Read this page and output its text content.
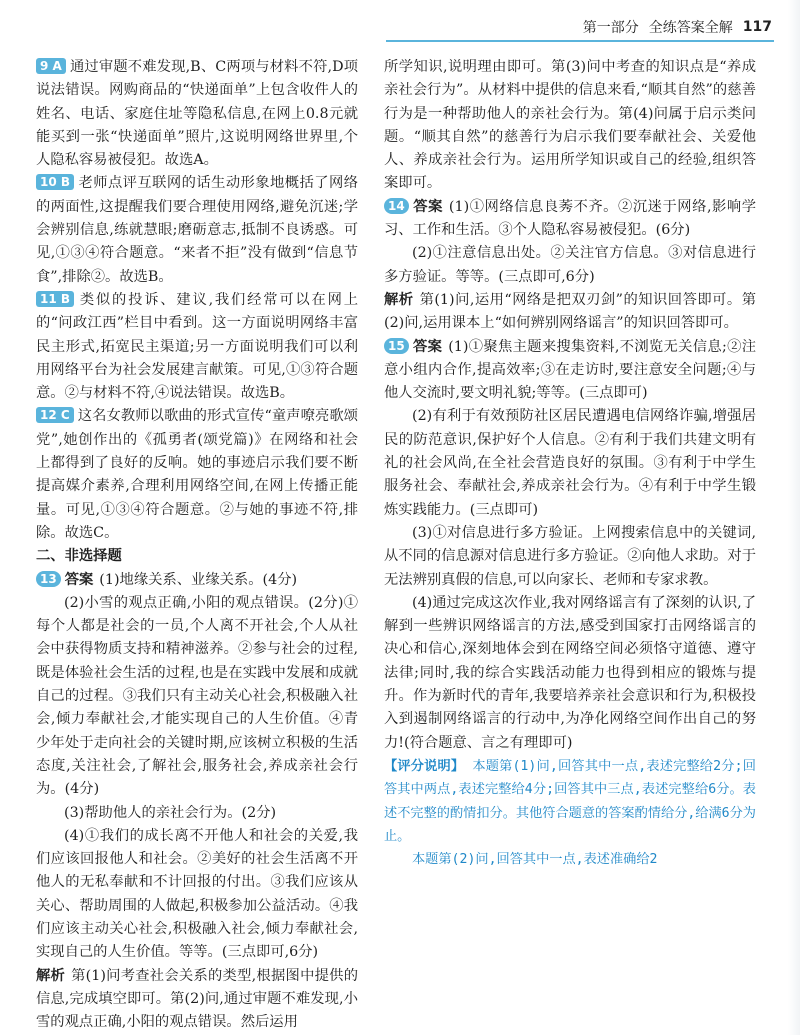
第一部分 全练答案全解 117

9 A 通过审题不难发现,B、C两项与材料不符,D项说法错误。网购商品的“快递面单”上包含收件人的姓名、电话、家庭住址等隐私信息,在网上0.8元就能买到一张“快递面单”照片,这说明网络世界里,个人隐私容易被侵犯。故选A。

10 B 老师点评互联网的话生动形象地概括了网络的两面性,这提醒我们要合理使用网络,避免沉迷;学会辨别信息,练就慧眼;磨砺意志,抵制不良诱惑。可见,①③④符合题意。“来者不拒”没有做到“信息节食”,排除②。故选B。

11 B 类似的投诉、建议,我们经常可以在网上的“问政江西”栏目中看到。这一方面说明网络丰富民主形式,拓宽民主渠道;另一方面说明我们可以利用网络平台为社会发展建言献策。可见,①③符合题意。②与材料不符,④说法错误。故选B。

12 C 这名女教师以歌曲的形式宣传“童声嘹亮歌颂党”,她创作出的《孤勇者(颂党篇)》在网络和社会上都得到了良好的反响。她的事迹启示我们要不断提高媒介素养,合理利用网络空间,在网上传播正能量。可见,①③④符合题意。②与她的事迹不符,排除。故选C。

二、非选择题

13 答案 (1)地缘关系、业缘关系。(4分)

(2)小雪的观点正确,小阳的观点错误。(2分)①每个人都是社会的一员,个人离不开社会,个人从社会中获得物质支持和精神滋养。②参与社会的过程,既是体验社会生活的过程,也是在实践中发展和成就自己的过程。③我们只有主动关心社会,积极融入社会,倾力奉献社会,才能实现自己的人生价值。④青少年处于走向社会的关键时期,应该树立积极的生活态度,关注社会,了解社会,服务社会,养成亲社会行为。(4分)

(3)帮助他人的亲社会行为。(2分)

(4)①我们的成长离不开他人和社会的关爱,我们应该回报他人和社会。②美好的社会生活离不开他人的无私奉献和不计回报的付出。③我们应该从关心、帮助周围的人做起,积极参加公益活动。④我们应该主动关心社会,积极融入社会,倾力奉献社会,实现自己的人生价值。等等。(三点即可,6分)

解析 第(1)问考查社会关系的类型,根据图中提供的信息,完成填空即可。第(2)问,通过审题不难发现,小雪的观点正确,小阳的观点错误。然后运用

所学知识,说明理由即可。第(3)问中考查的知识点是“养成亲社会行为”。从材料中提供的信息来看,“顺其自然”的慈善行为是一种帮助他人的亲社会行为。第(4)问属于启示类问题。“顺其自然”的慈善行为启示我们要奉献社会、关爱他人、养成亲社会行为。运用所学知识或自己的经验,组织答案即可。

14 答案 (1)①网络信息良莠不齐。②沉迷于网络,影响学习、工作和生活。③个人隐私容易被侵犯。(6分)

(2)①注意信息出处。②关注官方信息。③对信息进行多方验证。等等。(三点即可,6分)

解析 第(1)问,运用“网络是把双刃剑”的知识回答即可。第(2)问,运用课本上“如何辨别网络谣言”的知识回答即可。

15 答案 (1)①聚焦主题来搜集资料,不浏览无关信息;②注意小组内合作,提高效率;③在走访时,要注意安全问题;④与他人交流时,要文明礼貌;等等。(三点即可)

(2)有利于有效预防社区居民遭遇电信网络诈骗,增强居民的防范意识,保护好个人信息。②有利于我们共建文明有礼的社会风尚,在全社会营造良好的氛围。③有利于中学生服务社会、奉献社会,养成亲社会行为。④有利于中学生锻炼实践能力。(三点即可)

(3)①对信息进行多方验证。上网搜索信息中的关键词,从不同的信息源对信息进行多方验证。②向他人求助。对于无法辨别真假的信息,可以向家长、老师和专家求教。

(4)通过完成这次作业,我对网络谣言有了深刻的认识,了解到一些辨识网络谣言的方法,感受到国家打击网络谣言的决心和信心,深刻地体会到在网络空间必须恪守道德、遵守法律;同时,我的综合实践活动能力也得到相应的锻炼与提升。作为新时代的青年,我要培养亲社会意识和行为,积极投入到遏制网络谣言的行动中,为净化网络空间作出自己的努力!(符合题意、言之有理即可)

【评分说明】 本题第(1)问,回答其中一点,表述完整给2分;回答其中两点,表述完整给4分;回答其中三点,表述完整给6分。表述不完整的酌情扣分。其他符合题意的答案酌情给分,给满6分为止。

本题第(2)问,回答其中一点,表述准确给2
